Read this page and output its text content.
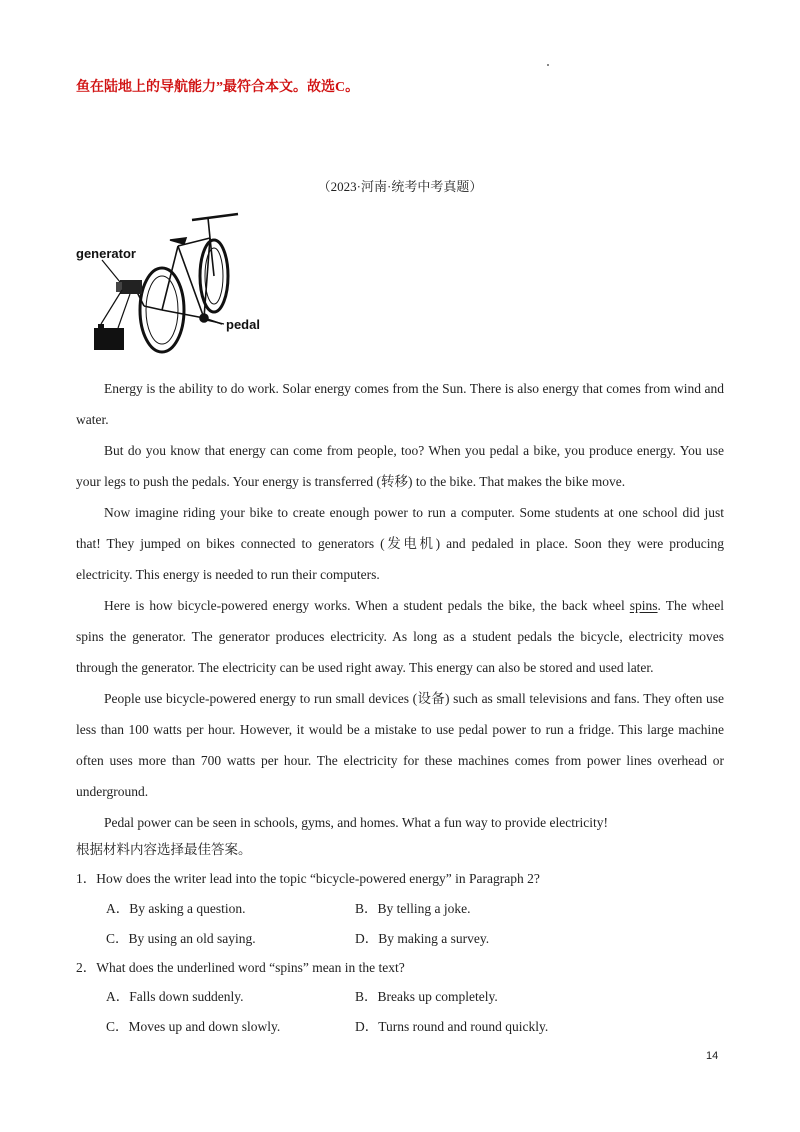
鱼在陆地上的导航能力”最符合本文。故选C。
（2023·河南·统考中考真题）
generator
pedal

Energy is the ability to do work. Solar energy comes from the Sun. There is also energy that comes from wind and water.

But do you know that energy can come from people, too? When you pedal a bike, you produce energy. You use your legs to push the pedals. Your energy is transferred (转移) to the bike. That makes the bike move.

Now imagine riding your bike to create enough power to run a computer. Some students at one school did just that! They jumped on bikes connected to generators (发电机) and pedaled in place. Soon they were producing electricity. This energy is needed to run their computers.

Here is how bicycle-powered energy works. When a student pedals the bike, the back wheel spins. The wheel spins the generator. The generator produces electricity. As long as a student pedals the bicycle, electricity moves through the generator. The electricity can be used right away. This energy can also be stored and used later.

People use bicycle-powered energy to run small devices (设备) such as small televisions and fans. They often use less than 100 watts per hour. However, it would be a mistake to use pedal power to run a fridge. This large machine often uses more than 700 watts per hour. The electricity for these machines comes from power lines overhead or underground.

Pedal power can be seen in schools, gyms, and homes. What a fun way to provide electricity!

根据材料内容选择最佳答案。
1．How does the writer lead into the topic “bicycle-powered energy” in Paragraph 2?
A．By asking a question.	B．By telling a joke.
C．By using an old saying.	D．By making a survey.
2．What does the underlined word “spins” mean in the text?
A．Falls down suddenly.	B．Breaks up completely.
C．Moves up and down slowly.	D．Turns round and round quickly.
14
